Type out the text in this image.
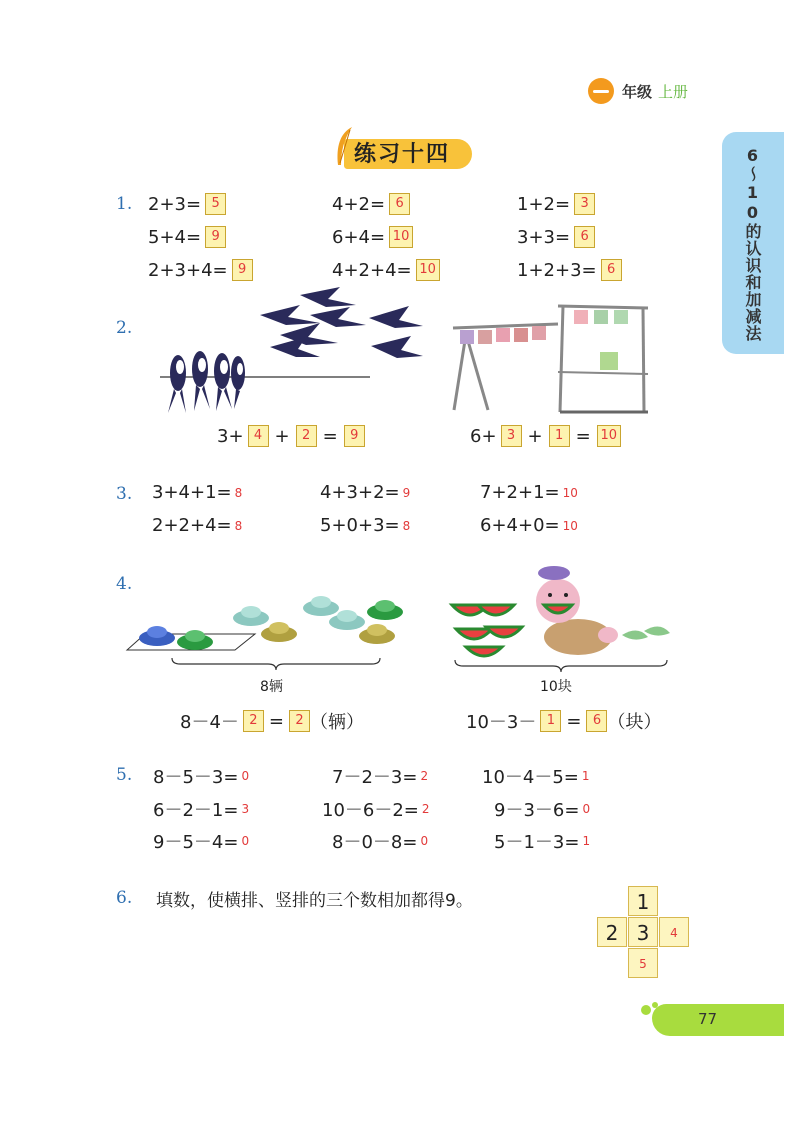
年级 上册
练习十四	6～10的认识和加减法
1. 2+3= 5	4+2= 6	1+2= 3
5+4= 9	6+4= 10	3+3= 6
2+3+4= 9	4+2+4= 10	1+2+3= 6
2.
3+ 4 + 2 = 9	6+ 3 + 1 = 10
3. 3+4+1= 8	4+3+2= 9	7+2+1= 10
2+2+4= 8	5+0+3= 8	6+4+0= 10
4.
8辆	10块
8－4－ 2 = 2 （辆）	10－3－ 1 = 6 （块）
5. 8－5－3= 0	7－2－3= 2	10－4－5= 1
6－2－1= 3	10－6－2= 2	9－3－6= 0
9－5－4= 0	8－0－8= 0	5－1－3= 1
6. 填数，使横排、竖排的三个数相加都得9。	1
2 3	4
5
77
